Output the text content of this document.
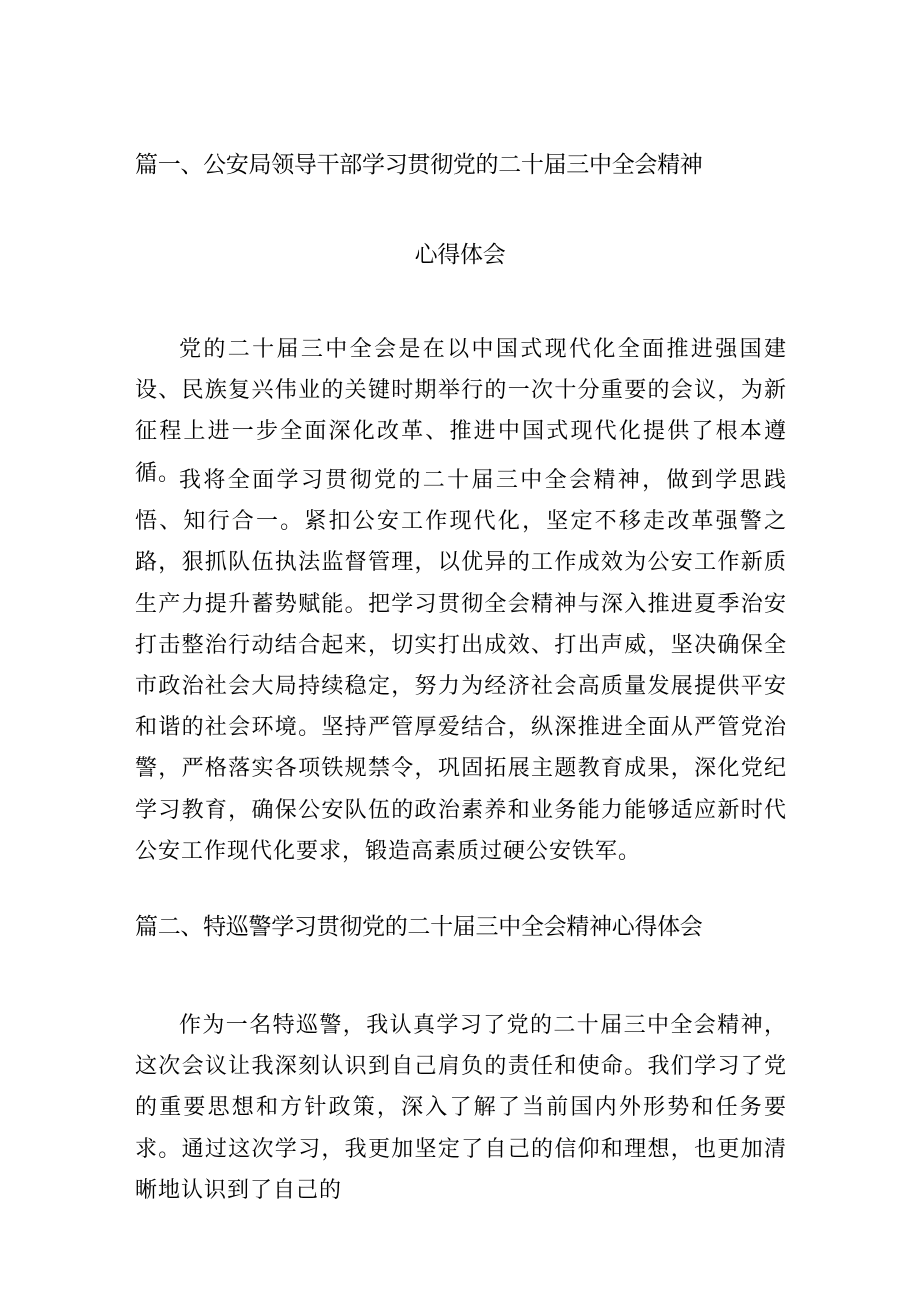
篇一、公安局领导干部学习贯彻党的二十届三中全会精神
心得体会

党的二十届三中全会是在以中国式现代化全面推进强国建设、民族复兴伟业的关键时期举行的一次十分重要的会议，为新征程上进一步全面深化改革、推进中国式现代化提供了根本遵循。

我将全面学习贯彻党的二十届三中全会精神，做到学思践悟、知行合一。紧扣公安工作现代化，坚定不移走改革强警之路，狠抓队伍执法监督管理，以优异的工作成效为公安工作新质生产力提升蓄势赋能。把学习贯彻全会精神与深入推进夏季治安打击整治行动结合起来，切实打出成效、打出声威，坚决确保全市政治社会大局持续稳定，努力为经济社会高质量发展提供平安和谐的社会环境。坚持严管厚爱结合，纵深推进全面从严管党治警，严格落实各项铁规禁令，巩固拓展主题教育成果，深化党纪学习教育，确保公安队伍的政治素养和业务能力能够适应新时代公安工作现代化要求，锻造高素质过硬公安铁军。

篇二、特巡警学习贯彻党的二十届三中全会精神心得体会

作为一名特巡警，我认真学习了党的二十届三中全会精神，这次会议让我深刻认识到自己肩负的责任和使命。我们学习了党的重要思想和方针政策，深入了解了当前国内外形势和任务要求。通过这次学习，我更加坚定了自己的信仰和理想，也更加清晰地认识到了自己的
